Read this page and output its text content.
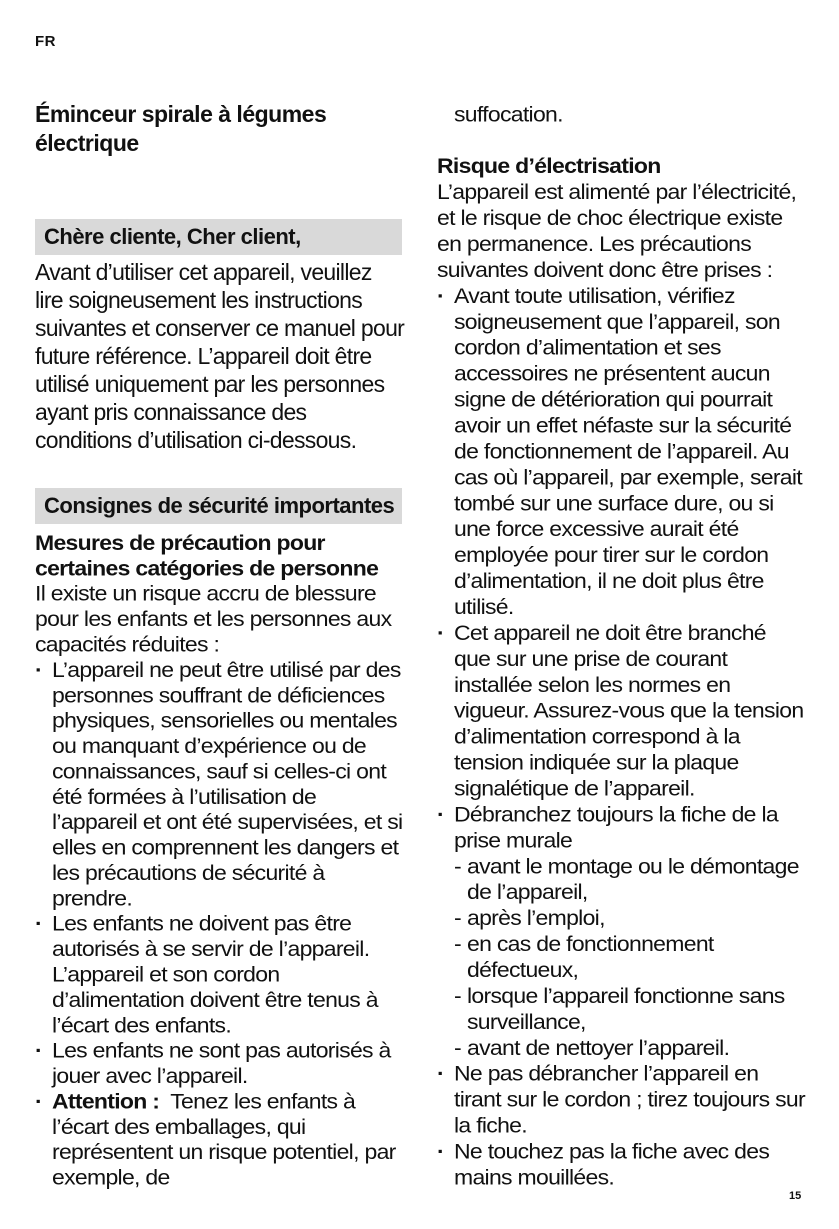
FR
Éminceur spirale à légumes électrique
Chère cliente, Cher client,
Avant d’utiliser cet appareil, veuillez lire soigneusement les instructions suivantes et conserver ce manuel pour future référence. L’appareil doit être utilisé uniquement par les personnes ayant pris connaissance des conditions d’utilisation ci-dessous.
Consignes de sécurité importantes
Mesures de précaution pour certaines catégories de personne
Il existe un risque accru de blessure pour les enfants et les personnes aux capacités réduites :
· L’appareil ne peut être utilisé par des personnes souffrant de déficiences physiques, sensorielles ou mentales ou manquant d’expérience ou de connaissances, sauf si celles-ci ont été formées à l’utilisation de l’appareil et ont été supervisées, et si elles en comprennent les dangers et les précautions de sécurité à prendre.
· Les enfants ne doivent pas être autorisés à se servir de l’appareil. L’appareil et son cordon d’alimentation doivent être tenus à l’écart des enfants.
· Les enfants ne sont pas autorisés à jouer avec l’appareil.
· Attention : Tenez les enfants à l’écart des emballages, qui représentent un risque potentiel, par exemple, de
suffocation.
Risque d’électrisation
L’appareil est alimenté par l’électricité, et le risque de choc électrique existe en permanence. Les précautions suivantes doivent donc être prises :
· Avant toute utilisation, vérifiez soigneusement que l’appareil, son cordon d’alimentation et ses accessoires ne présentent aucun signe de détérioration qui pourrait avoir un effet néfaste sur la sécurité de fonctionnement de l’appareil. Au cas où l’appareil, par exemple, serait tombé sur une surface dure, ou si une force excessive aurait été employée pour tirer sur le cordon d’alimentation, il ne doit plus être utilisé.
· Cet appareil ne doit être branché que sur une prise de courant installée selon les normes en vigueur. Assurez-vous que la tension d’alimentation correspond à la tension indiquée sur la plaque signalétique de l’appareil.
· Débranchez toujours la fiche de la prise murale
- avant le montage ou le démontage de l’appareil,
- après l’emploi,
- en cas de fonctionnement défectueux,
- lorsque l’appareil fonctionne sans surveillance,
- avant de nettoyer l’appareil.
· Ne pas débrancher l’appareil en tirant sur le cordon ; tirez toujours sur la fiche.
· Ne touchez pas la fiche avec des mains mouillées.
15
